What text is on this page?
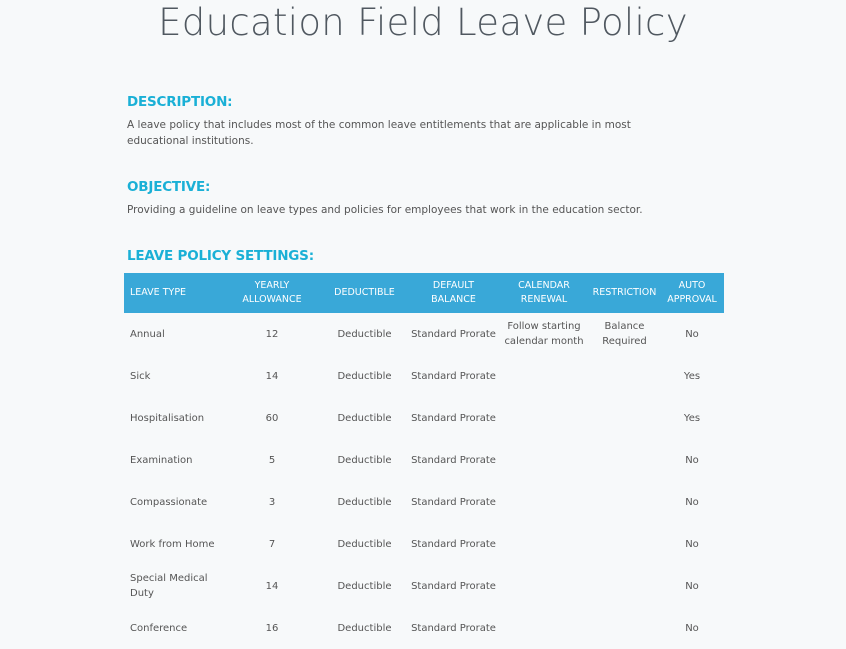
Education Field Leave Policy
DESCRIPTION:
A leave policy that includes most of the common leave entitlements that are applicable in most educational institutions.
OBJECTIVE:
Providing a guideline on leave types and policies for employees that work in the education sector.
LEAVE POLICY SETTINGS:
LEAVE TYPE	YEARLY ALLOWANCE	DEDUCTIBLE	DEFAULT BALANCE	CALENDAR RENEWAL	RESTRICTION	AUTO APPROVAL
Annual	12	Deductible	Standard Prorate	Follow starting calendar month	Balance Required	No
Sick	14	Deductible	Standard Prorate			Yes
Hospitalisation	60	Deductible	Standard Prorate			Yes
Examination	5	Deductible	Standard Prorate			No
Compassionate	3	Deductible	Standard Prorate			No
Work from Home	7	Deductible	Standard Prorate			No
Special Medical Duty	14	Deductible	Standard Prorate			No
Conference	16	Deductible	Standard Prorate			No
